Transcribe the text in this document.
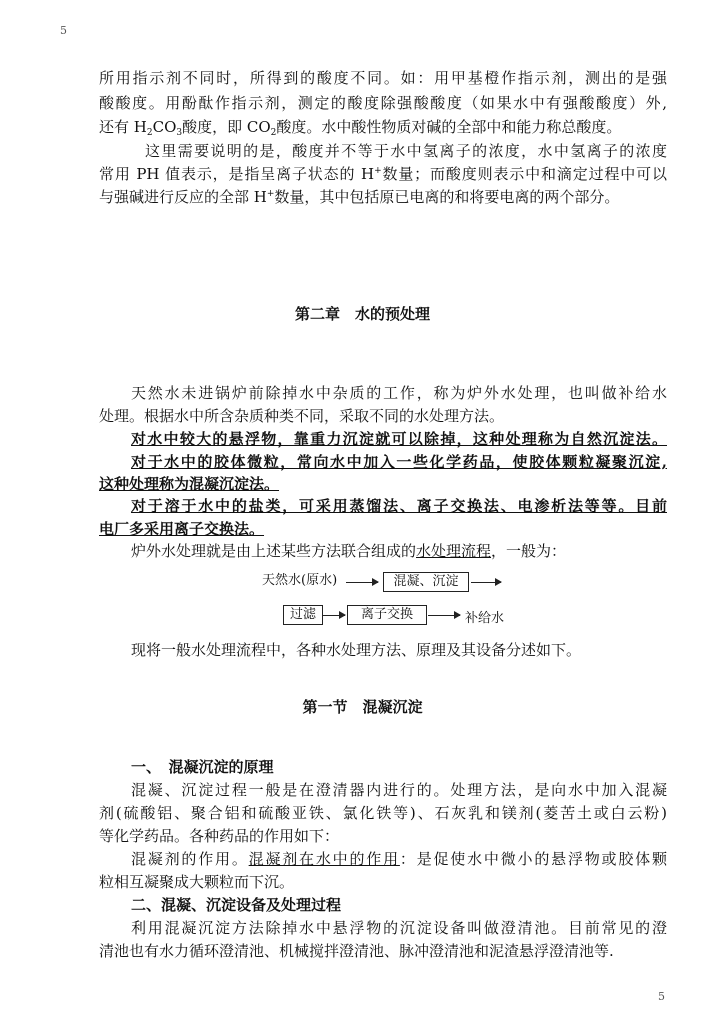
5
所用指示剂不同时，所得到的酸度不同。如：用甲基橙作指示剂，测出的是强
酸酸度。用酚酞作指示剂，测定的酸度除强酸酸度（如果水中有强酸酸度）外,
还有 $H_2CO_3$酸度，即 $CO_2$酸度。水中酸性物质对碱的全部中和能力称总酸度。
这里需要说明的是，酸度并不等于水中氢离子的浓度，水中氢离子的浓度
常用 PH 值表示，是指呈离子状态的 H+数量；而酸度则表示中和滴定过程中可以
与强碱进行反应的全部 H+数量，其中包括原已电离的和将要电离的两个部分。
第二章　水的预处理
天然水未进锅炉前除掉水中杂质的工作，称为炉外水处理，也叫做补给水
处理。根据水中所含杂质种类不同，采取不同的水处理方法。
对水中较大的悬浮物，靠重力沉淀就可以除掉，这种处理称为自然沉淀法。
对于水中的胶体微粒，常向水中加入一些化学药品，使胶体颗粒凝聚沉淀,
这种处理称为混凝沉淀法。
对于溶于水中的盐类，可采用蒸馏法、离子交换法、电渗析法等等。目前
电厂多采用离子交换法。
炉外水处理就是由上述某些方法联合组成的水处理流程，一般为：
天然水(原水)	混凝、沉淀
过滤	离子交换	补给水
现将一般水处理流程中，各种水处理方法、原理及其设备分述如下。
第一节　混凝沉淀
一、　混凝沉淀的原理
混凝、沉淀过程一般是在澄清器内进行的。处理方法，是向水中加入混凝
剂(硫酸铝、聚合铝和硫酸亚铁、氯化铁等)、石灰乳和镁剂(菱苦土或白云粉)
等化学药品。各种药品的作用如下：
混凝剂的作用。混凝剂在水中的作用：是促使水中微小的悬浮物或胶体颗
粒相互凝聚成大颗粒而下沉。
二、混凝、沉淀设备及处理过程
利用混凝沉淀方法除掉水中悬浮物的沉淀设备叫做澄清池。目前常见的澄
清池也有水力循环澄清池、机械搅拌澄清池、脉冲澄清池和泥渣悬浮澄清池等.
5
